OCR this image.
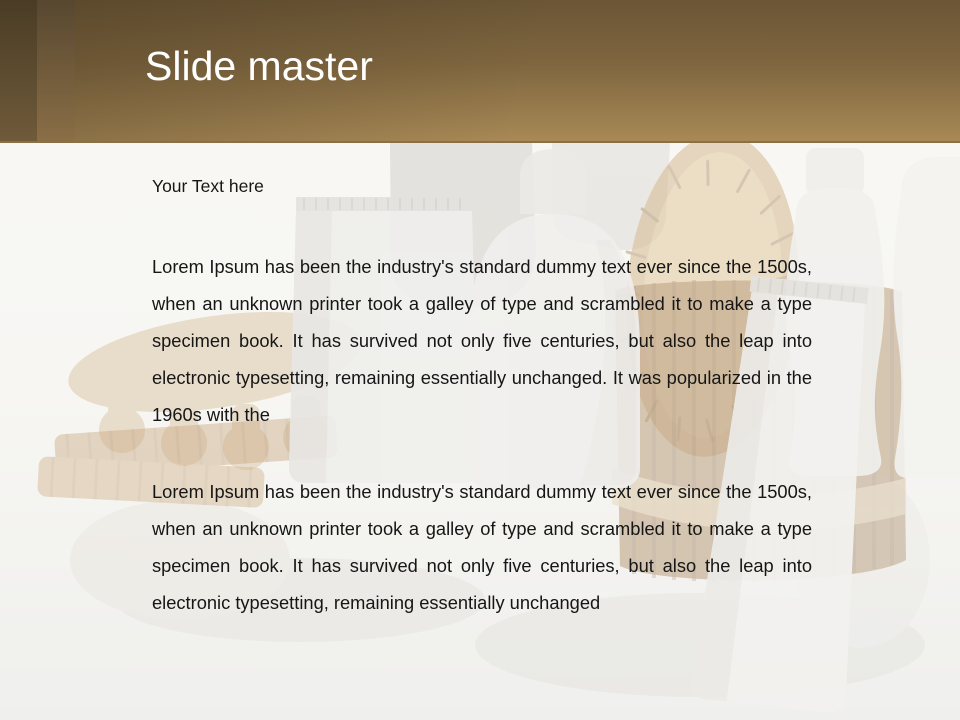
Slide master
Your Text here
Lorem Ipsum has been the industry's standard dummy text ever since the 1500s, when an unknown printer took a galley of type and scrambled it to make a type specimen book. It has survived not only five centuries, but also the leap into electronic typesetting, remaining essentially unchanged. It was popularized in the 1960s with the
Lorem Ipsum has been the industry's standard dummy text ever since the 1500s, when an unknown printer took a galley of type and scrambled it to make a type specimen book. It has survived not only five centuries, but also the leap into electronic typesetting, remaining essentially unchanged
